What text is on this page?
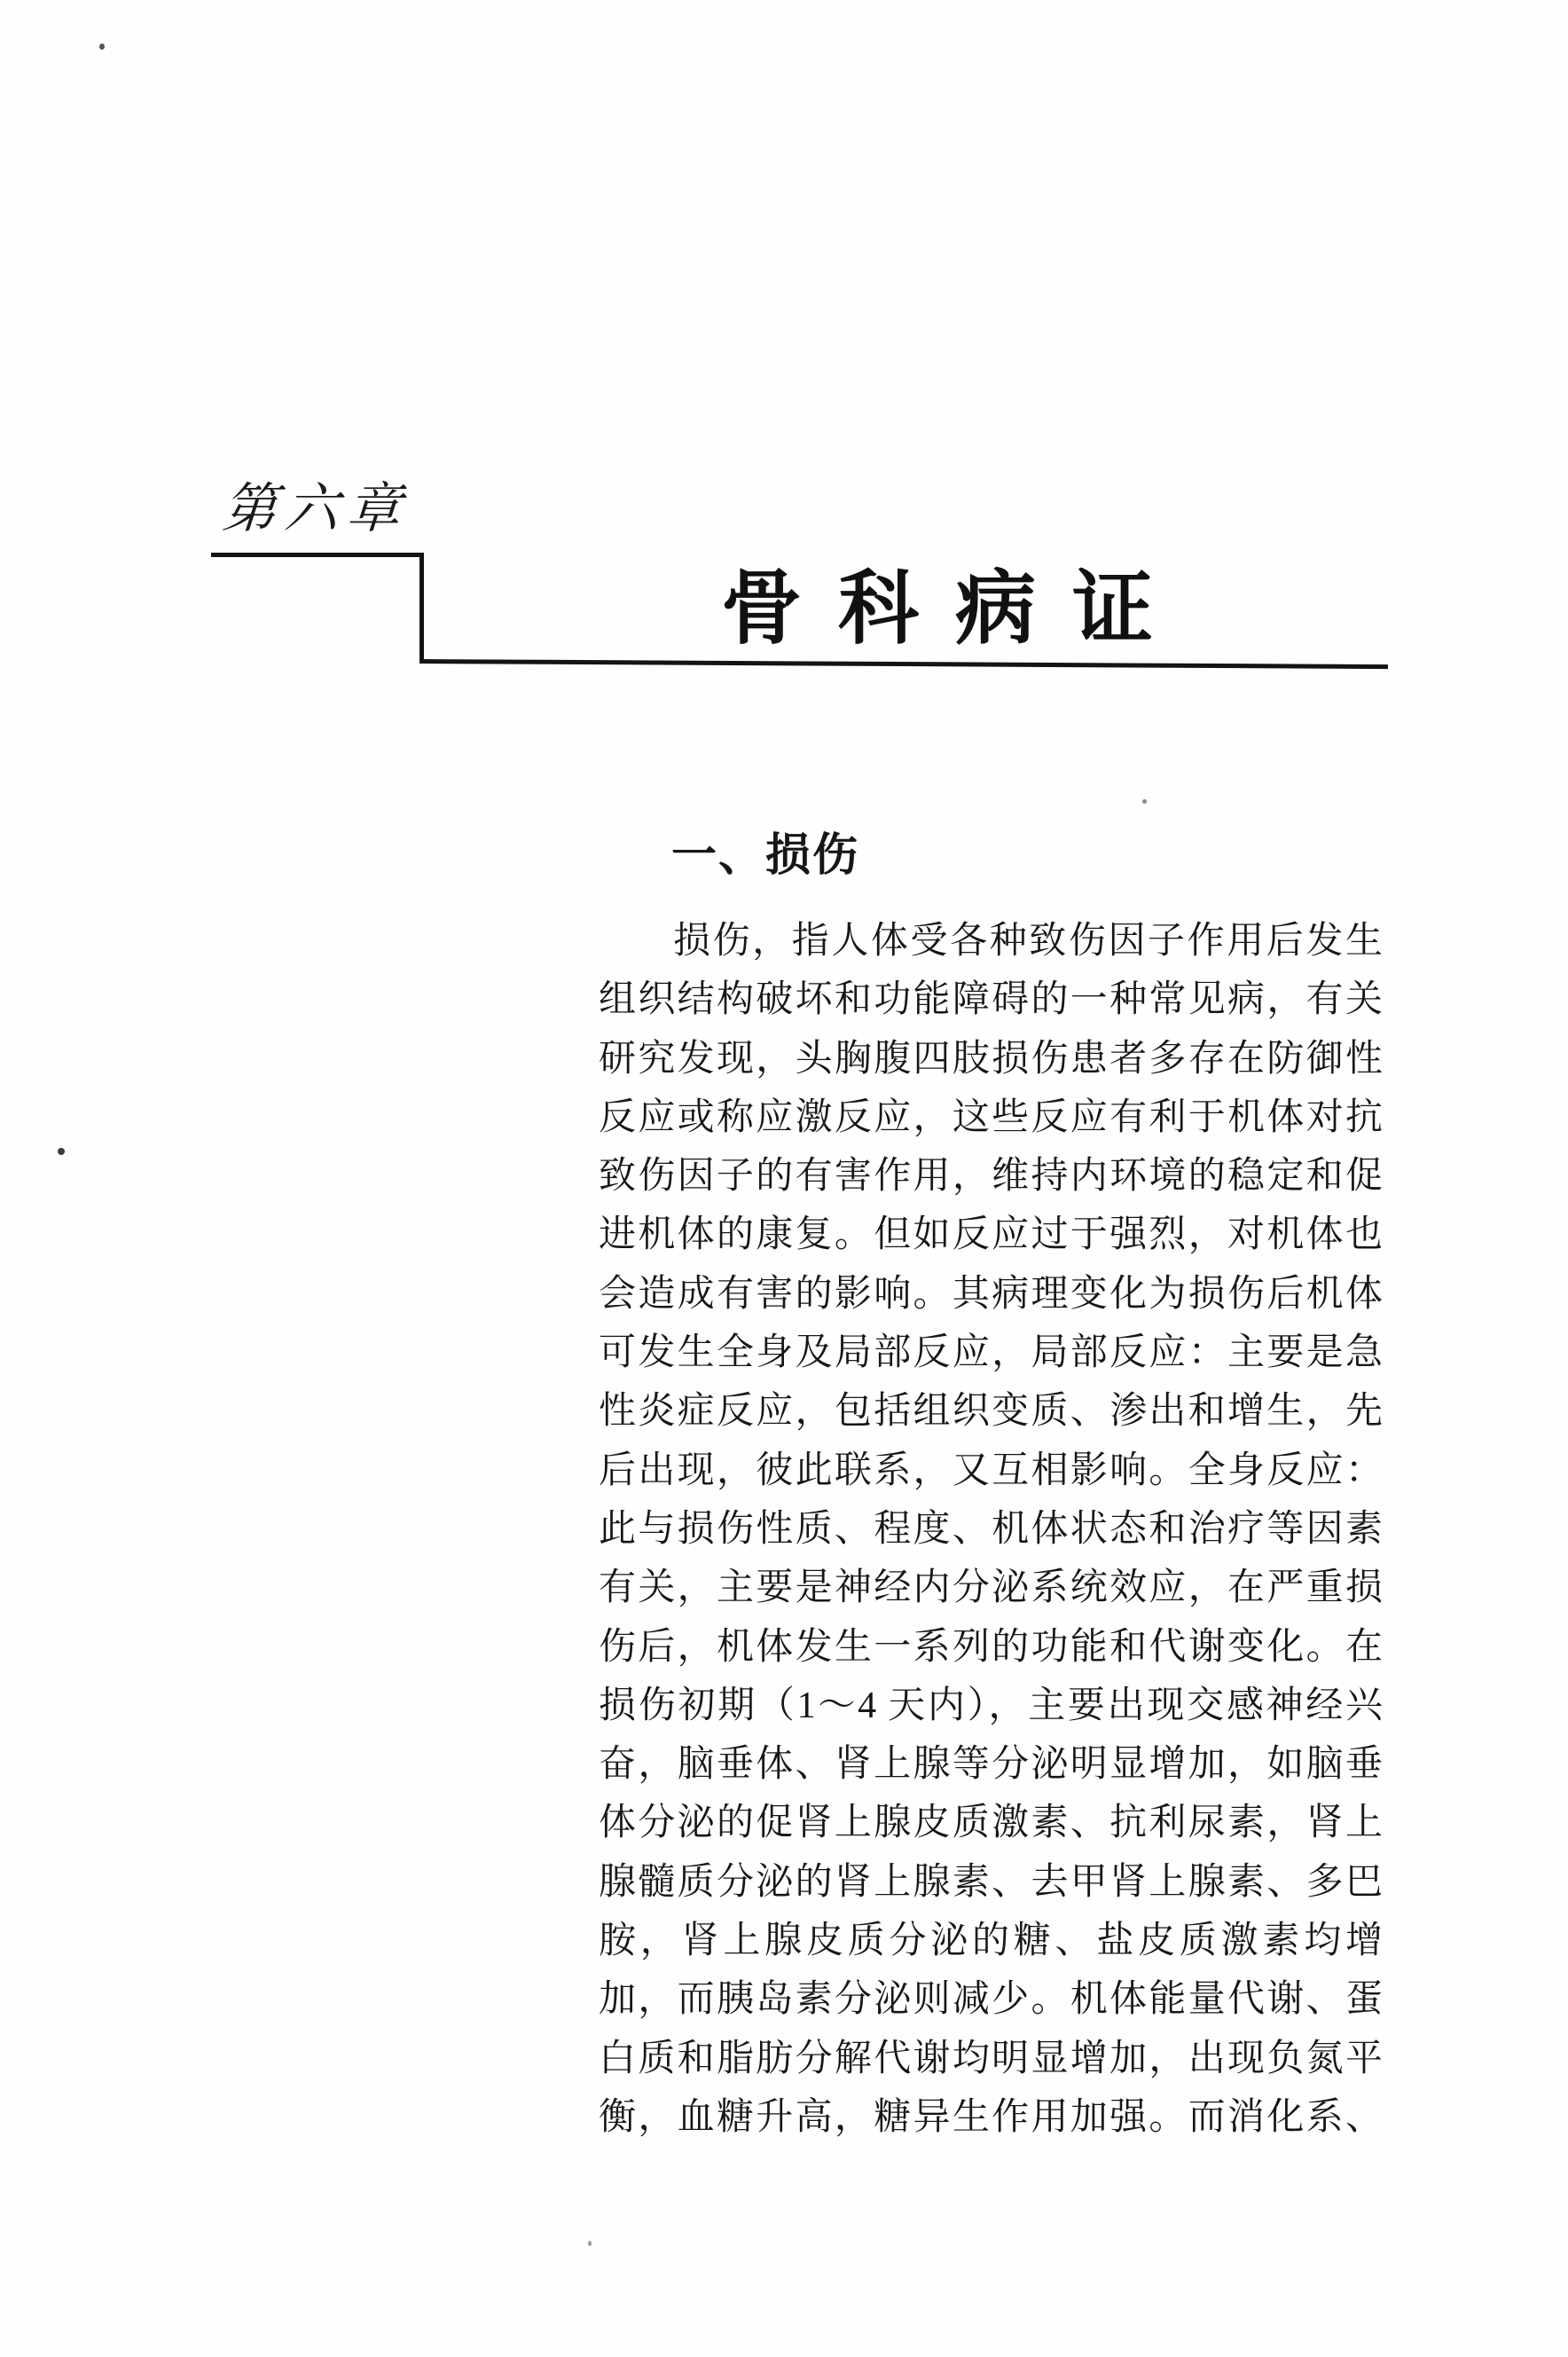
第六章
骨科病证
一、损伤
损伤，指人体受各种致伤因子作用后发生
组织结构破坏和功能障碍的一种常见病，有关
研究发现，头胸腹四肢损伤患者多存在防御性
反应或称应激反应，这些反应有利于机体对抗
致伤因子的有害作用，维持内环境的稳定和促
进机体的康复。但如反应过于强烈，对机体也
会造成有害的影响。其病理变化为损伤后机体
可发生全身及局部反应，局部反应：主要是急
性炎症反应，包括组织变质、渗出和增生，先
后出现，彼此联系，又互相影响。全身反应：
此与损伤性质、程度、机体状态和治疗等因素
有关，主要是神经内分泌系统效应，在严重损
伤后，机体发生一系列的功能和代谢变化。在
损伤初期（1～4 天内），主要出现交感神经兴
奋，脑垂体、肾上腺等分泌明显增加，如脑垂
体分泌的促肾上腺皮质激素、抗利尿素，肾上
腺髓质分泌的肾上腺素、去甲肾上腺素、多巴
胺，肾上腺皮质分泌的糖、盐皮质激素均增
加，而胰岛素分泌则减少。机体能量代谢、蛋
白质和脂肪分解代谢均明显增加，出现负氮平
衡，血糖升高，糖异生作用加强。而消化系、
